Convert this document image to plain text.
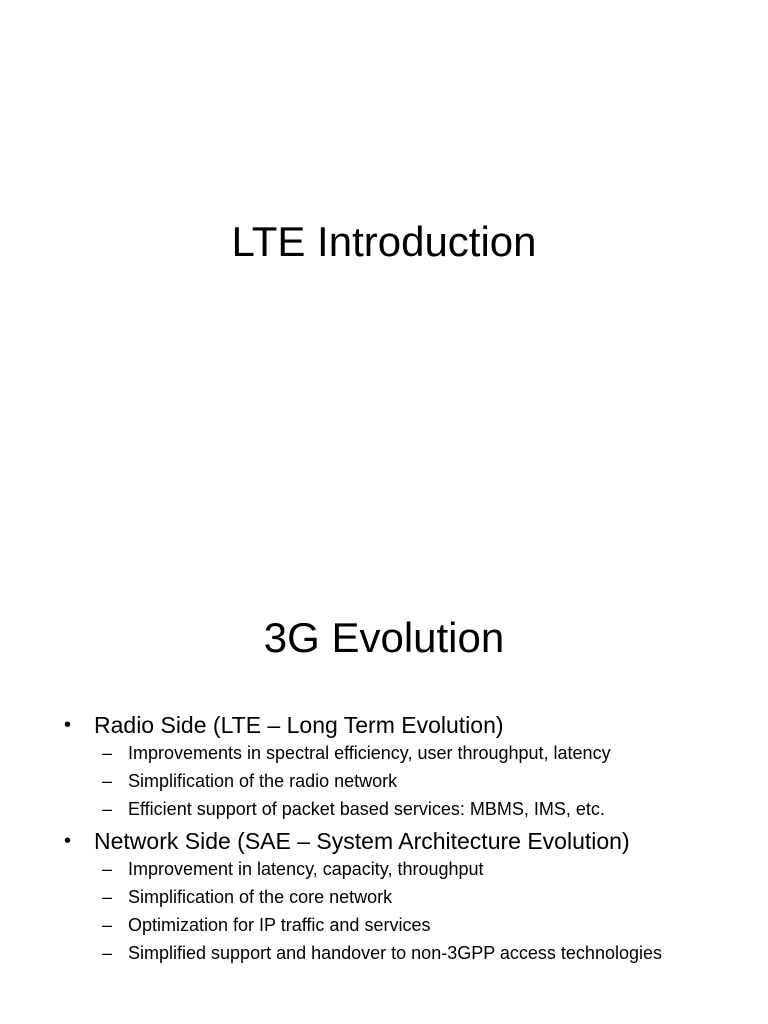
LTE Introduction
3G Evolution
• Radio Side (LTE – Long Term Evolution)
– Improvements in spectral efficiency, user throughput, latency
– Simplification of the radio network
– Efficient support of packet based services: MBMS, IMS, etc.
• Network Side (SAE – System Architecture Evolution)
– Improvement in latency, capacity, throughput
– Simplification of the core network
– Optimization for IP traffic and services
– Simplified support and handover to non-3GPP access technologies
